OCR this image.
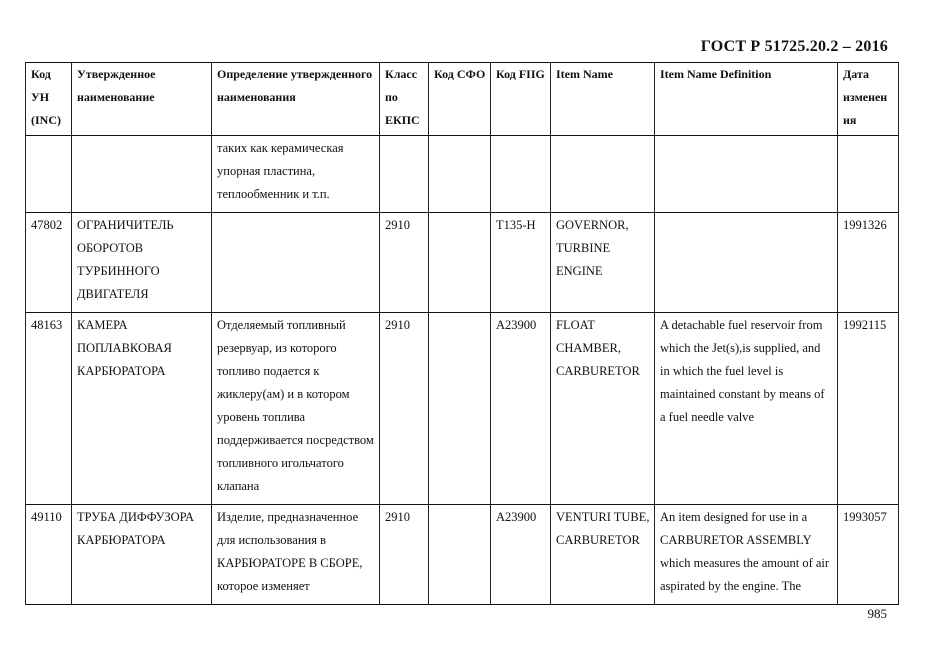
ГОСТ Р 51725.20.2 – 2016
Код УН (INC)	Утвержденное наименование	Определение утвержденного наименования	Класс по ЕКПС	Код СФО	Код FIIG	Item Name	Item Name Definition	Дата изменения
		таких как керамическая упорная пластина, теплообменник и т.п.						
47802	ОГРАНИЧИТЕЛЬ ОБОРОТОВ ТУРБИННОГО ДВИГАТЕЛЯ		2910		T135-H	GOVERNOR, TURBINE ENGINE		1991326
48163	КАМЕРА ПОПЛАВКОВАЯ КАРБЮРАТОРА	Отделяемый топливный резервуар, из которого топливо подается к жиклеру(ам) и в котором уровень топлива поддерживается посредством топливного игольчатого клапана	2910		A23900	FLOAT CHAMBER, CARBURETOR	A detachable fuel reservoir from which the Jet(s),is supplied, and in which the fuel level is maintained constant by means of a fuel needle valve	1992115
49110	ТРУБА ДИФФУЗОРА КАРБЮРАТОРА	Изделие, предназначенное для использования в КАРБЮРАТОРЕ В СБОРЕ, которое изменяет	2910		A23900	VENTURI TUBE, CARBURETOR	An item designed for use in a CARBURETOR ASSEMBLY which measures the amount of air aspirated by the engine. The	1993057
985
